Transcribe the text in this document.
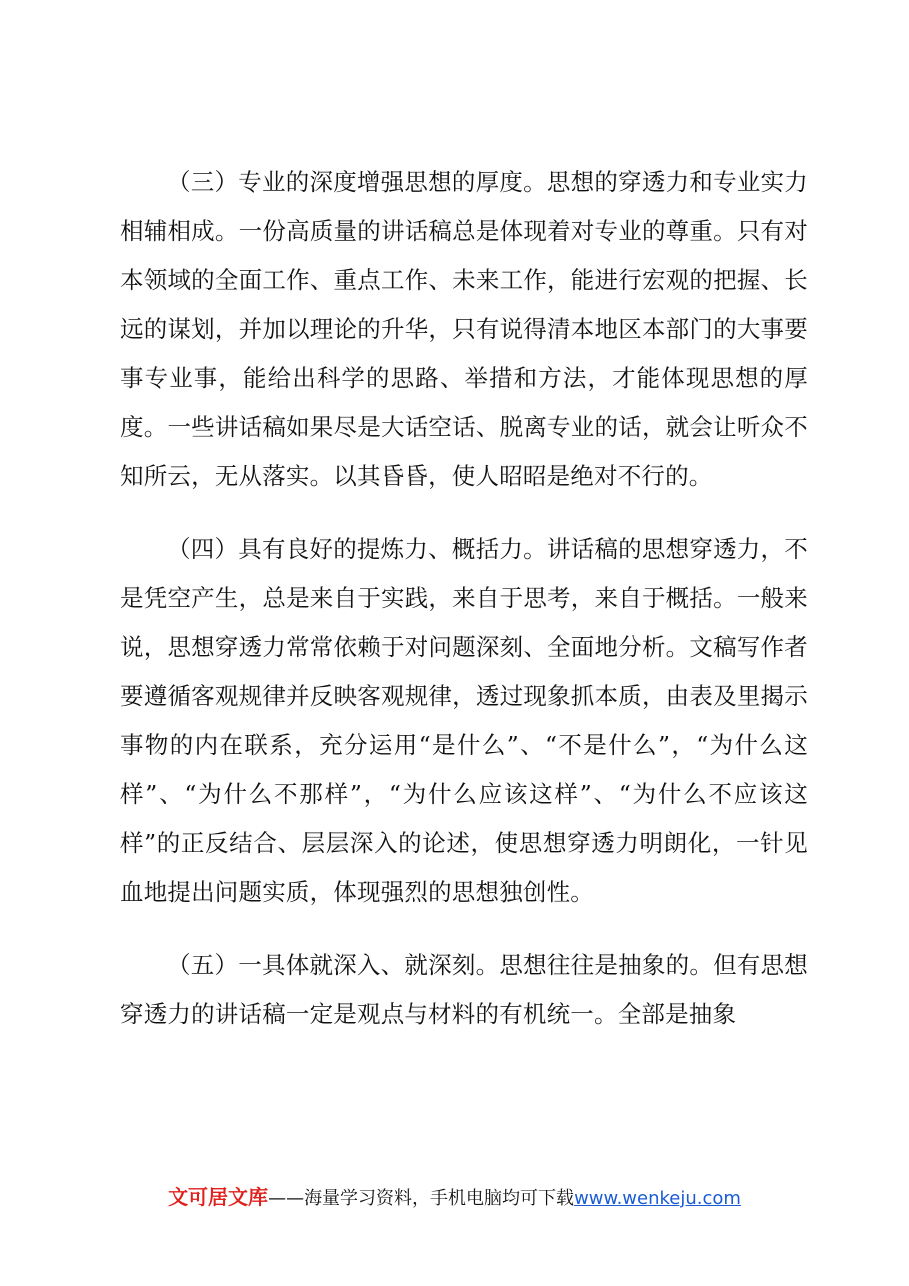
（三）专业的深度增强思想的厚度。思想的穿透力和专业实力相辅相成。一份高质量的讲话稿总是体现着对专业的尊重。只有对本领域的全面工作、重点工作、未来工作，能进行宏观的把握、长远的谋划，并加以理论的升华，只有说得清本地区本部门的大事要事专业事，能给出科学的思路、举措和方法，才能体现思想的厚度。一些讲话稿如果尽是大话空话、脱离专业的话，就会让听众不知所云，无从落实。以其昏昏，使人昭昭是绝对不行的。

（四）具有良好的提炼力、概括力。讲话稿的思想穿透力，不是凭空产生，总是来自于实践，来自于思考，来自于概括。一般来说，思想穿透力常常依赖于对问题深刻、全面地分析。文稿写作者要遵循客观规律并反映客观规律，透过现象抓本质，由表及里揭示事物的内在联系，充分运用“是什么”、“不是什么”，“为什么这样”、“为什么不那样”，“为什么应该这样”、“为什么不应该这样”的正反结合、层层深入的论述，使思想穿透力明朗化，一针见血地提出问题实质，体现强烈的思想独创性。

（五）一具体就深入、就深刻。思想往往是抽象的。但有思想穿透力的讲话稿一定是观点与材料的有机统一。全部是抽象

文可居文库——海量学习资料，手机电脑均可下载www.wenkeju.com
